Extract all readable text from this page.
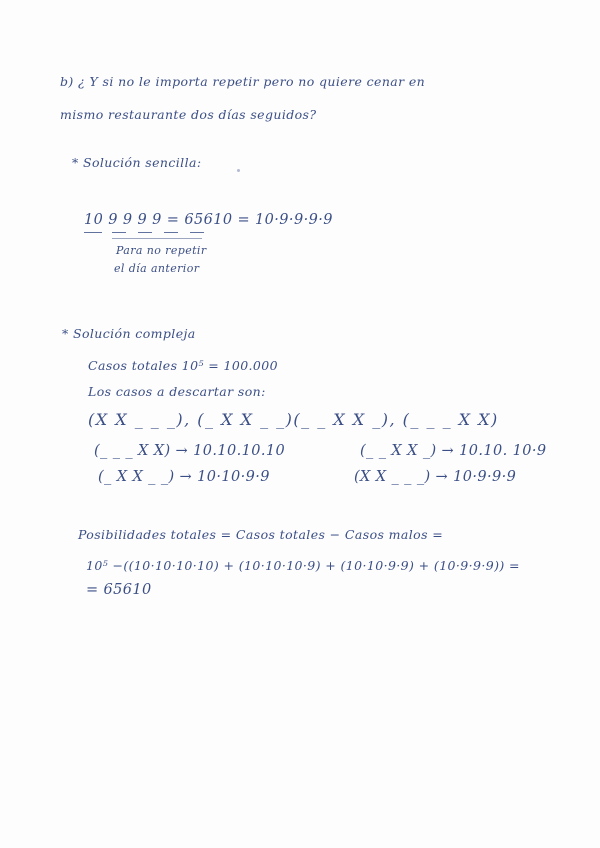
b) ¿ Y si no le importa repetir pero no quiere cenar en
mismo restaurante dos días seguidos?
* Solución sencilla:
10 9 9 9 9 = 65610 = 10·9·9·9·9
Para no repetir
el día anterior
* Solución compleja
Casos totales 10⁵ = 100.000
Los casos a descartar son:
(X X _ _ _), (_ X X _ _)(_ _ X X _), (_ _ _ X X)
(_ _ _ X X) → 10.10.10.10	(_ _ X X _) → 10.10. 10·9
(_ X X _ _) → 10·10·9·9	(X X _ _ _) → 10·9·9·9
Posibilidades totales = Casos totales − Casos malos =
10⁵ −((10·10·10·10) + (10·10·10·9) + (10·10·9·9) + (10·9·9·9)) =
= 65610
